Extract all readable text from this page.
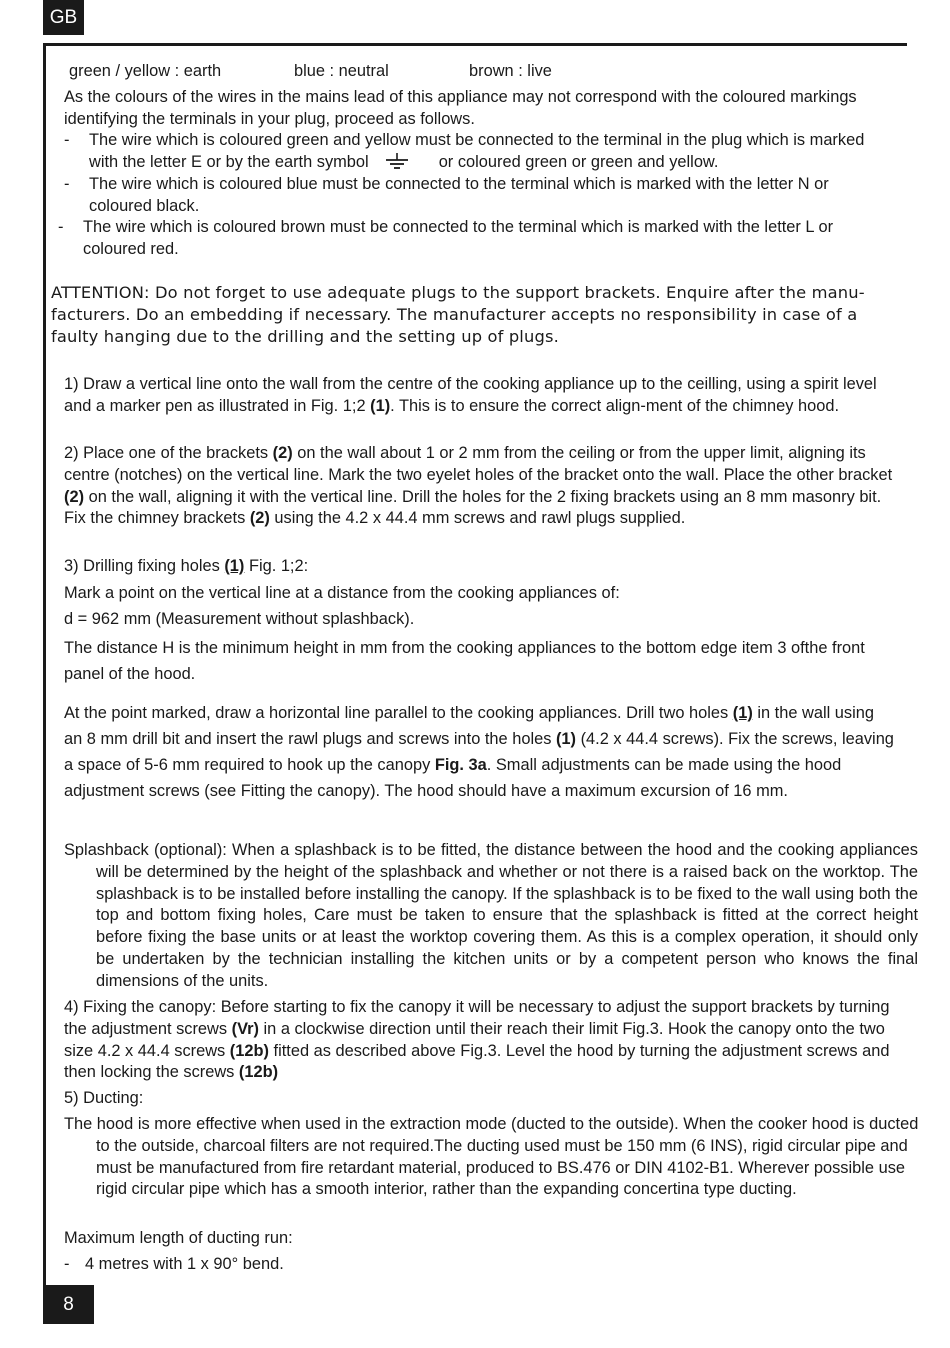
GB
green / yellow : earth	blue : neutral	brown : live

As the colours of the wires in the mains lead of this appliance may not correspond with the coloured markings identifying the terminals in your plug, proceed as follows.

- The wire which is coloured green and yellow must be connected to the terminal in the plug which is marked with the letter E or by the earth symbol	or coloured green or green and yellow.
- The wire which is coloured blue must be connected to the terminal which is marked with the letter N or coloured black.
- The wire which is coloured brown must be connected to the terminal which is marked with the letter L or coloured red.

ATTENTION: Do not forget to use adequate plugs to the support brackets. Enquire after the manu-facturers. Do an embedding if necessary. The manufacturer accepts no responsibility in case of a faulty hanging due to the drilling and the setting up of plugs.

1) Draw a vertical line onto the wall from the centre of the cooking appliance up to the ceilling, using a spirit level and a marker pen as illustrated in Fig. 1;2 (1). This is to ensure the correct align-ment of the chimney hood.

2) Place one of the brackets (2) on the wall about 1 or 2 mm from the ceiling or from the upper limit, aligning its centre (notches) on the vertical line. Mark the two eyelet holes of the bracket onto the wall. Place the other bracket (2) on the wall, aligning it with the vertical line. Drill the holes for the 2 fixing brackets using an 8 mm masonry bit. Fix the chimney brackets (2) using the 4.2 x 44.4 mm screws and rawl plugs supplied.

3) Drilling fixing holes (1) Fig. 1;2:

Mark a point on the vertical line at a distance from the cooking appliances of:

d = 962 mm (Measurement without splashback).

The distance H is the minimum height in mm from the cooking appliances to the bottom edge item 3 ofthe front panel of the hood.

At the point marked, draw a horizontal line parallel to the cooking appliances. Drill two holes (1) in the wall using an 8 mm drill bit and insert the rawl plugs and screws into the holes (1) (4.2 x 44.4 screws). Fix the screws, leaving a space of 5-6 mm required to hook up the canopy Fig. 3a. Small adjustments can be made using the hood adjustment screws (see Fitting the canopy). The hood should have a maximum excursion of 16 mm.

Splashback (optional): When a splashback is to be fitted, the distance between the hood and the cooking appliances will be determined by the height of the splashback and whether or not there is a raised back on the worktop. The splashback is to be installed before installing the canopy. If the splashback is to be fixed to the wall using both the top and bottom fixing holes, Care must be taken to ensure that the splashback is fitted at the correct height before fixing the base units or at least the worktop covering them. As this is a complex operation, it should only be undertaken by the technician installing the kitchen units or by a competent person who knows the final dimensions of the units.

4) Fixing the canopy: Before starting to fix the canopy it will be necessary to adjust the support brackets by turning the adjustment screws (Vr) in a clockwise direction until their reach their limit Fig.3. Hook the canopy onto the two size 4.2 x 44.4 screws (12b) fitted as described above Fig.3. Level the hood by turning the adjustment screws and then locking the screws (12b)

5) Ducting:

The hood is more effective when used in the extraction mode (ducted to the outside). When the cooker hood is ducted to the outside, charcoal filters are not required.The ducting used must be 150 mm (6 INS), rigid circular pipe and must be manufactured from fire retardant material, produced to BS.476 or DIN 4102-B1. Wherever possible use rigid circular pipe which has a smooth interior, rather than the expanding concertina type ducting.

Maximum length of ducting run:

- 4 metres with 1 x 90° bend.
8
